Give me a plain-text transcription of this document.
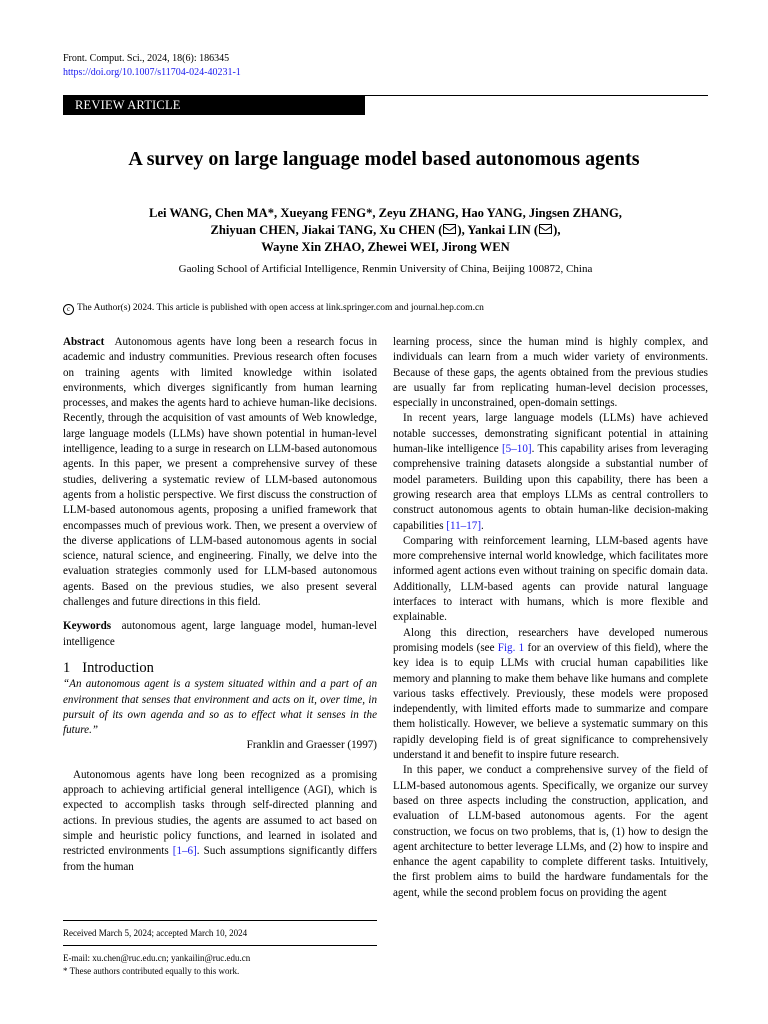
Front. Comput. Sci., 2024, 18(6): 186345
https://doi.org/10.1007/s11704-024-40231-1
REVIEW ARTICLE
A survey on large language model based autonomous agents
Lei WANG, Chen MA*, Xueyang FENG*, Zeyu ZHANG, Hao YANG, Jingsen ZHANG,
Zhiyuan CHEN, Jiakai TANG, Xu CHEN ( ), Yankai LIN ( ),
Wayne Xin ZHAO, Zhewei WEI, Jirong WEN
Gaoling School of Artificial Intelligence, Renmin University of China, Beijing 100872, China
c The Author(s) 2024. This article is published with open access at link.springer.com and journal.hep.com.cn

Abstract Autonomous agents have long been a research focus in academic and industry communities. Previous research often focuses on training agents with limited knowledge within isolated environments, which diverges significantly from human learning processes, and makes the agents hard to achieve human-like decisions. Recently, through the acquisition of vast amounts of Web knowledge, large language models (LLMs) have shown potential in human-level intelligence, leading to a surge in research on LLM-based autonomous agents. In this paper, we present a comprehensive survey of these studies, delivering a systematic review of LLM-based autonomous agents from a holistic perspective. We first discuss the construction of LLM-based autonomous agents, proposing a unified framework that encompasses much of previous work. Then, we present a overview of the diverse applications of LLM-based autonomous agents in social science, natural science, and engineering. Finally, we delve into the evaluation strategies commonly used for LLM-based autonomous agents. Based on the previous studies, we also present several challenges and future directions in this field.

Keywords autonomous agent, large language model, human-level intelligence

1 Introduction

“An autonomous agent is a system situated within and a part of an environment that senses that environment and acts on it, over time, in pursuit of its own agenda and so as to effect what it senses in the future.”

Franklin and Graesser (1997)

Autonomous agents have long been recognized as a promising approach to achieving artificial general intelligence (AGI), which is expected to accomplish tasks through self-directed planning and actions. In previous studies, the agents are assumed to act based on simple and heuristic policy functions, and learned in isolated and restricted environments [1–6]. Such assumptions significantly differs from the human

learning process, since the human mind is highly complex, and individuals can learn from a much wider variety of environments. Because of these gaps, the agents obtained from the previous studies are usually far from replicating human-level decision processes, especially in unconstrained, open-domain settings.

In recent years, large language models (LLMs) have achieved notable successes, demonstrating significant potential in attaining human-like intelligence [5–10]. This capability arises from leveraging comprehensive training datasets alongside a substantial number of model parameters. Building upon this capability, there has been a growing research area that employs LLMs as central controllers to construct autonomous agents to obtain human-like decision-making capabilities [11–17].

Comparing with reinforcement learning, LLM-based agents have more comprehensive internal world knowledge, which facilitates more informed agent actions even without training on specific domain data. Additionally, LLM-based agents can provide natural language interfaces to interact with humans, which is more flexible and explainable.

Along this direction, researchers have developed numerous promising models (see Fig. 1 for an overview of this field), where the key idea is to equip LLMs with crucial human capabilities like memory and planning to make them behave like humans and complete various tasks effectively. Previously, these models were proposed independently, with limited efforts made to summarize and compare them holistically. However, we believe a systematic summary on this rapidly developing field is of great significance to comprehensively understand it and benefit to inspire future research.

In this paper, we conduct a comprehensive survey of the field of LLM-based autonomous agents. Specifically, we organize our survey based on three aspects including the construction, application, and evaluation of LLM-based autonomous agents. For the agent construction, we focus on two problems, that is, (1) how to design the agent architecture to better leverage LLMs, and (2) how to inspire and enhance the agent capability to complete different tasks. Intuitively, the first problem aims to build the hardware fundamentals for the agent, while the second problem focus on providing the agent

Received March 5, 2024; accepted March 10, 2024

E-mail: xu.chen@ruc.edu.cn; yankailin@ruc.edu.cn

* These authors contributed equally to this work.
